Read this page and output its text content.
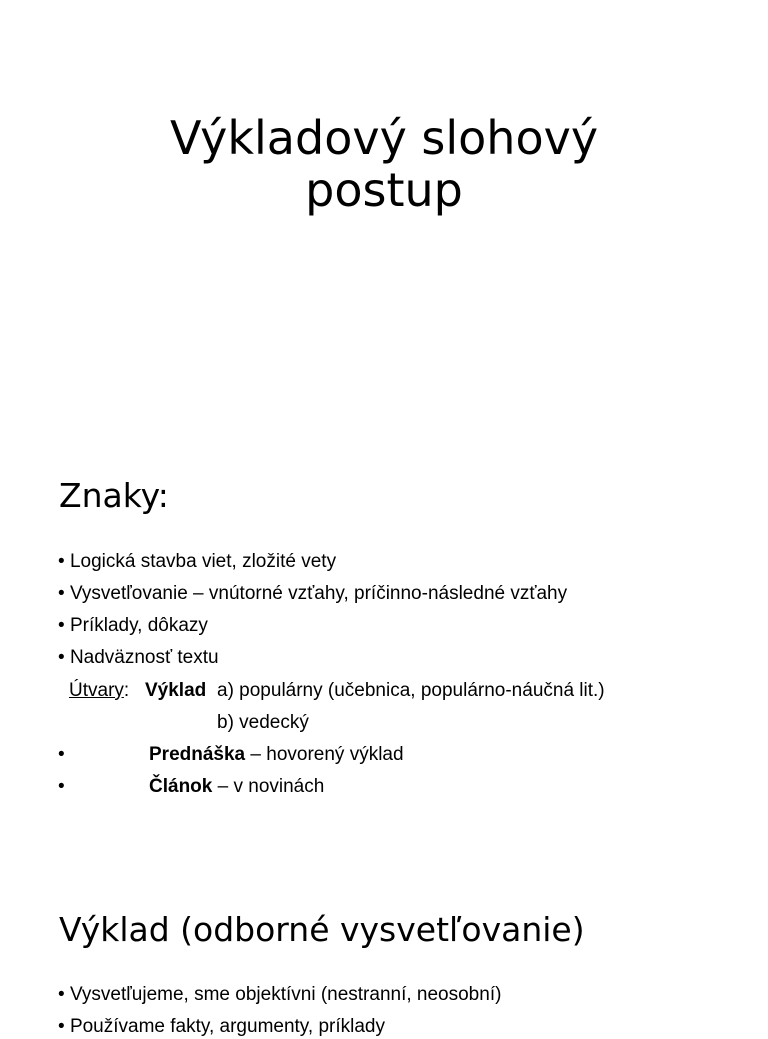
Výkladový slohový
postup
Znaky:
• Logická stavba viet, zložité vety
• Vysvetľovanie – vnútorné vzťahy, príčinno-následné vzťahy
• Príklady, dôkazy
• Nadväznosť textu
Útvary: Výklad a) populárny (učebnica, populárno-náučná lit.)
b) vedecký
•	Prednáška – hovorený výklad
•	Článok – v novinách
Výklad (odborné vysvetľovanie)
• Vysvetľujeme, sme objektívni (nestranní, neosobní)
• Používame fakty, argumenty, príklady
